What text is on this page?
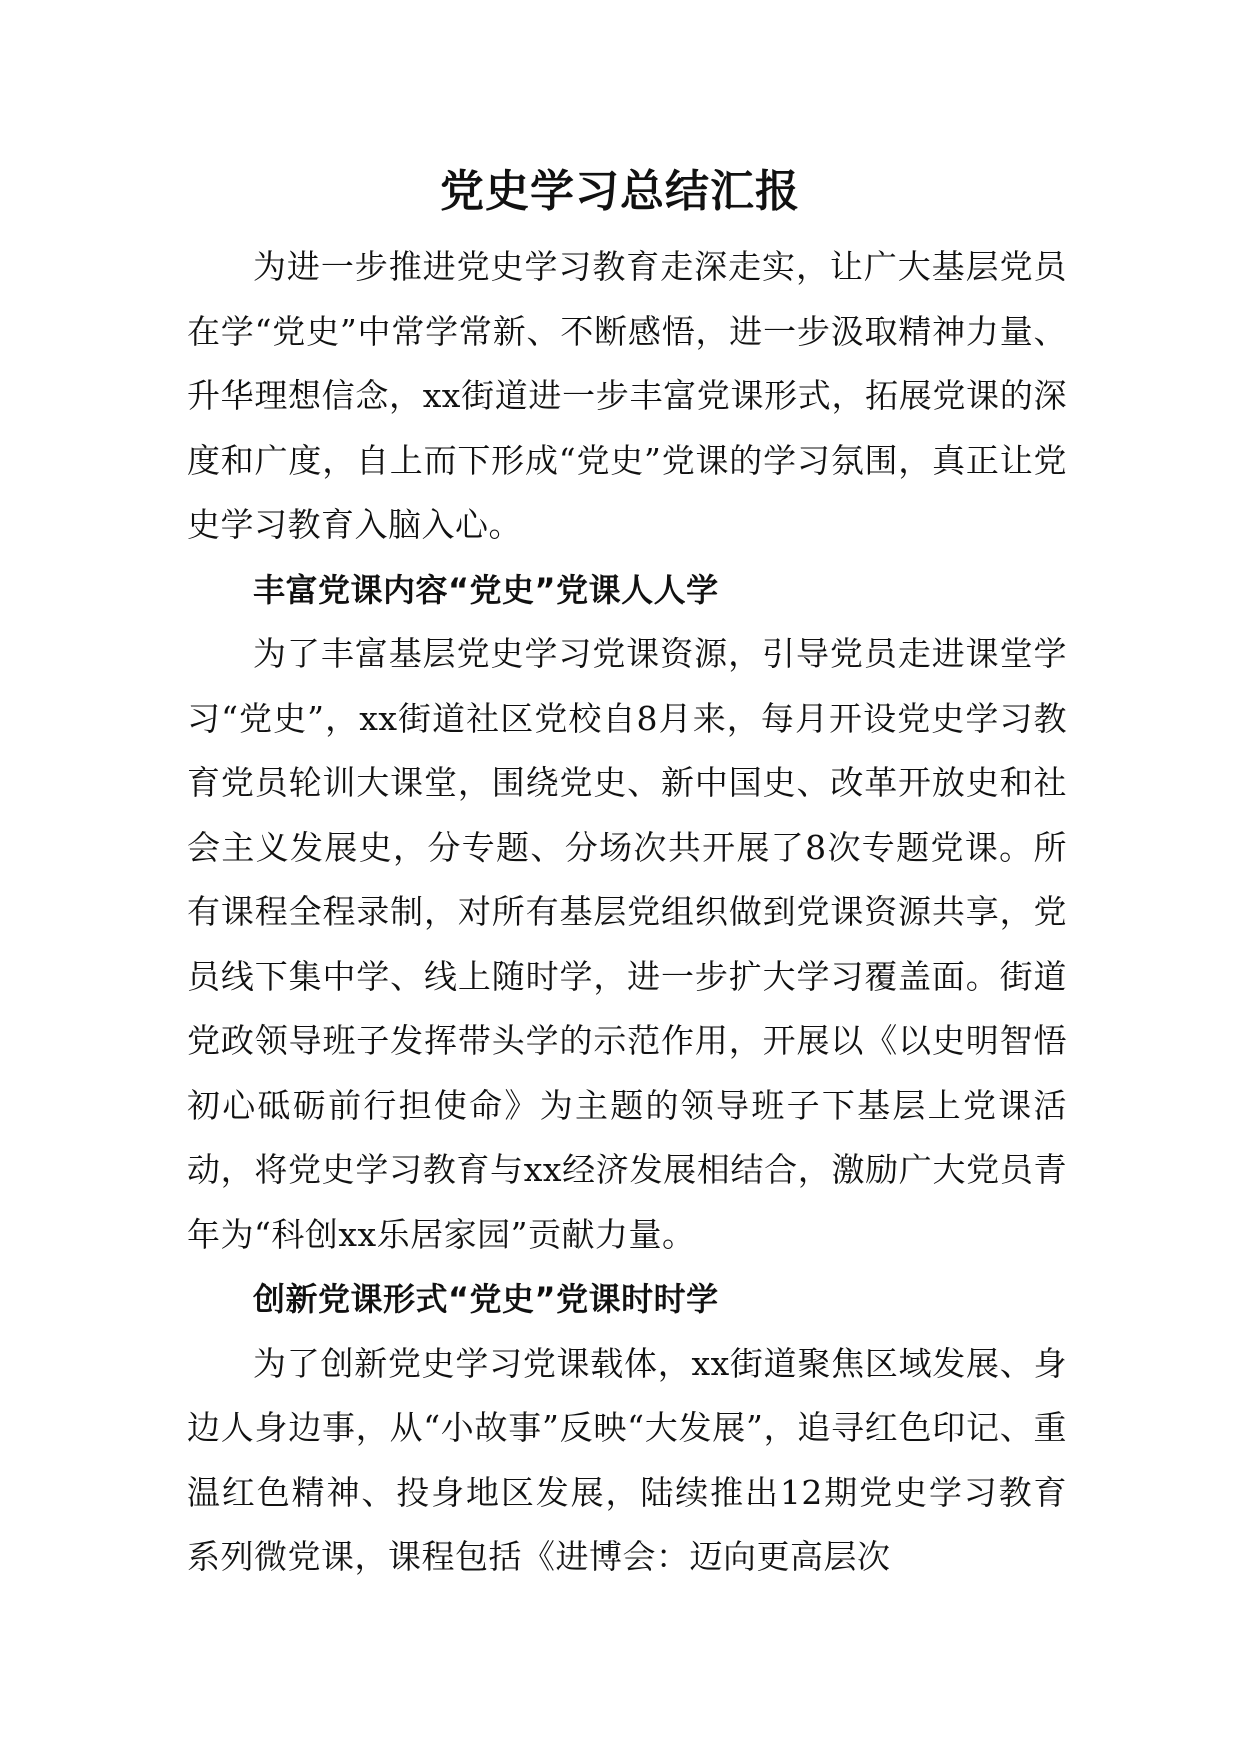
党史学习总结汇报

为进一步推进党史学习教育走深走实，让广大基层党员在学“党史”中常学常新、不断感悟，进一步汲取精神力量、升华理想信念，xx街道进一步丰富党课形式，拓展党课的深度和广度，自上而下形成“党史”党课的学习氛围，真正让党史学习教育入脑入心。

丰富党课内容“党史”党课人人学

为了丰富基层党史学习党课资源，引导党员走进课堂学习“党史”，xx街道社区党校自8月来，每月开设党史学习教育党员轮训大课堂，围绕党史、新中国史、改革开放史和社会主义发展史，分专题、分场次共开展了8次专题党课。所有课程全程录制，对所有基层党组织做到党课资源共享，党员线下集中学、线上随时学，进一步扩大学习覆盖面。街道党政领导班子发挥带头学的示范作用，开展以《以史明智悟初心砥砺前行担使命》为主题的领导班子下基层上党课活动，将党史学习教育与xx经济发展相结合，激励广大党员青年为“科创xx乐居家园”贡献力量。

创新党课形式“党史”党课时时学

为了创新党史学习党课载体，xx街道聚焦区域发展、身边人身边事，从“小故事”反映“大发展”，追寻红色印记、重温红色精神、投身地区发展，陆续推出12期党史学习教育系列微党课，课程包括《进博会：迈向更高层次
